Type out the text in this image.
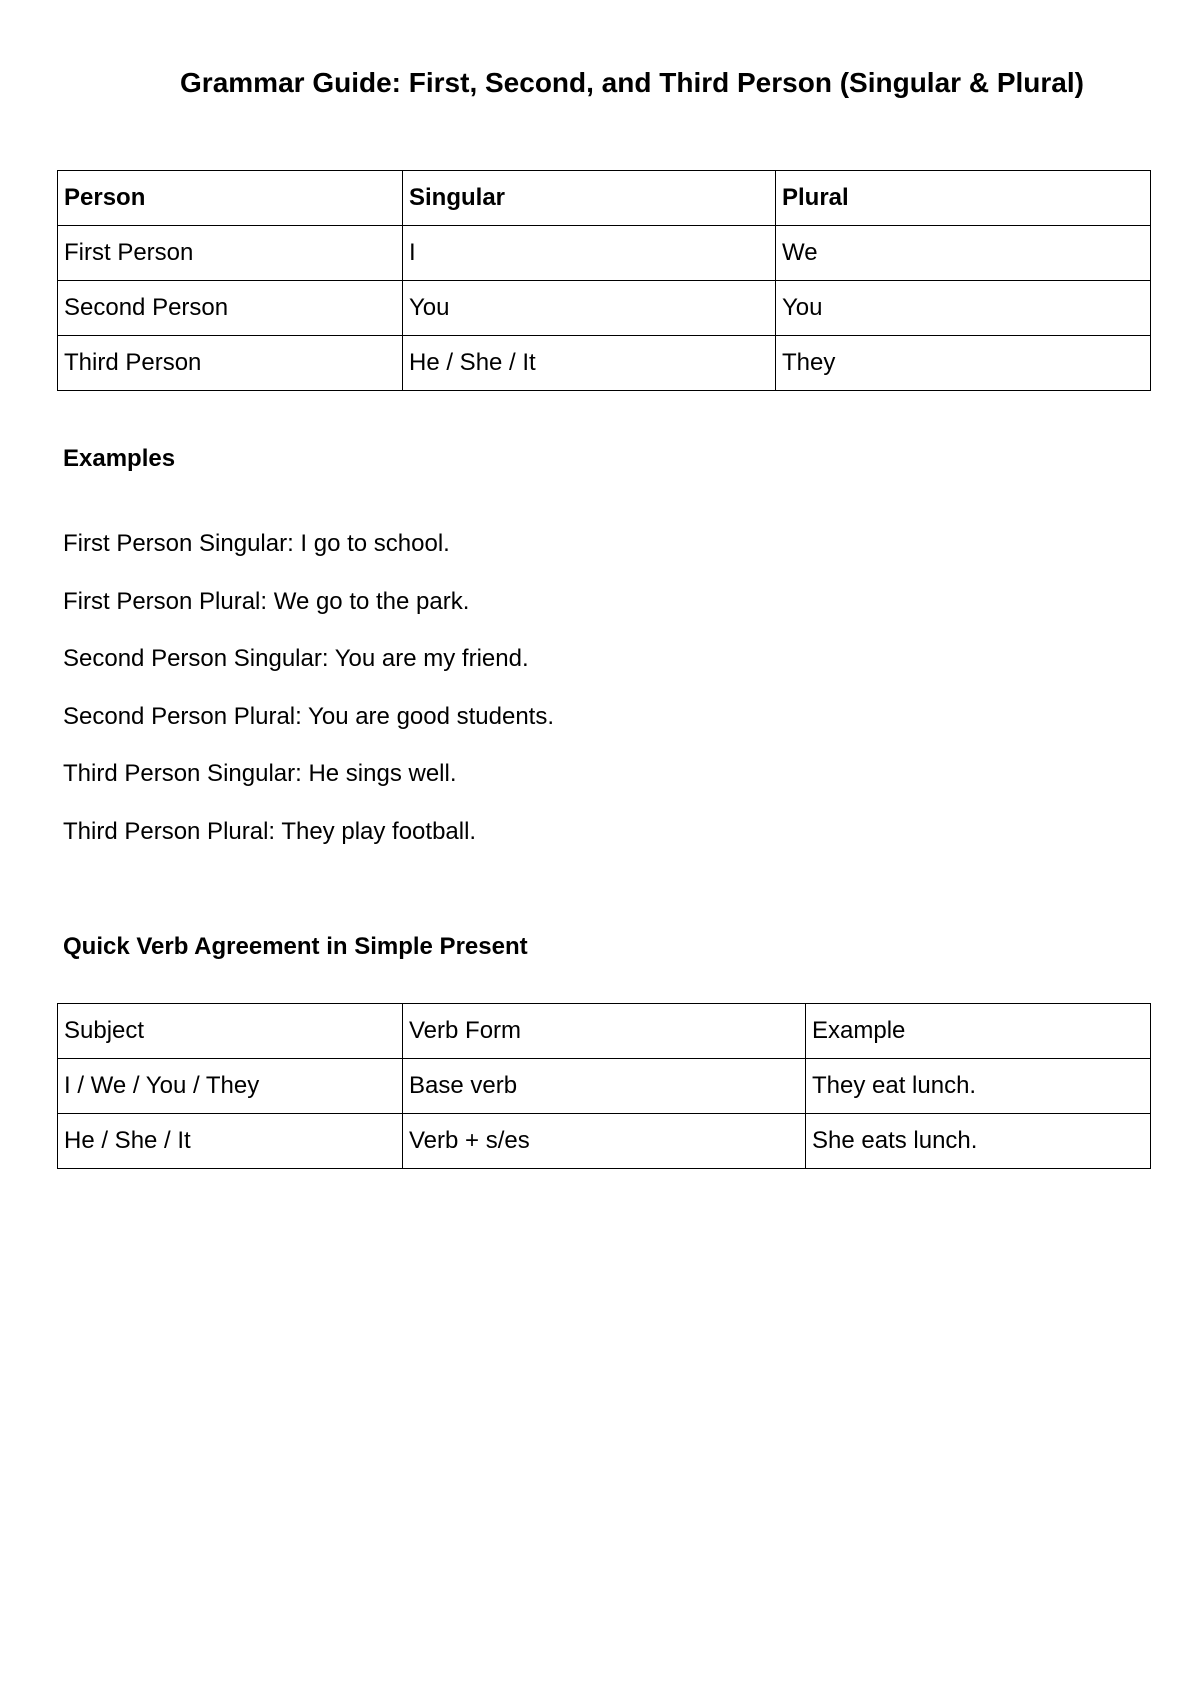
Grammar Guide: First, Second, and Third Person (Singular & Plural)
Person	Singular	Plural
First Person	I	We
Second Person	You	You
Third Person	He / She / It	They
Examples

First Person Singular: I go to school.

First Person Plural: We go to the park.

Second Person Singular: You are my friend.

Second Person Plural: You are good students.

Third Person Singular: He sings well.

Third Person Plural: They play football.

Quick Verb Agreement in Simple Present
Subject	Verb Form	Example
I / We / You / They	Base verb	They eat lunch.
He / She / It	Verb + s/es	She eats lunch.
